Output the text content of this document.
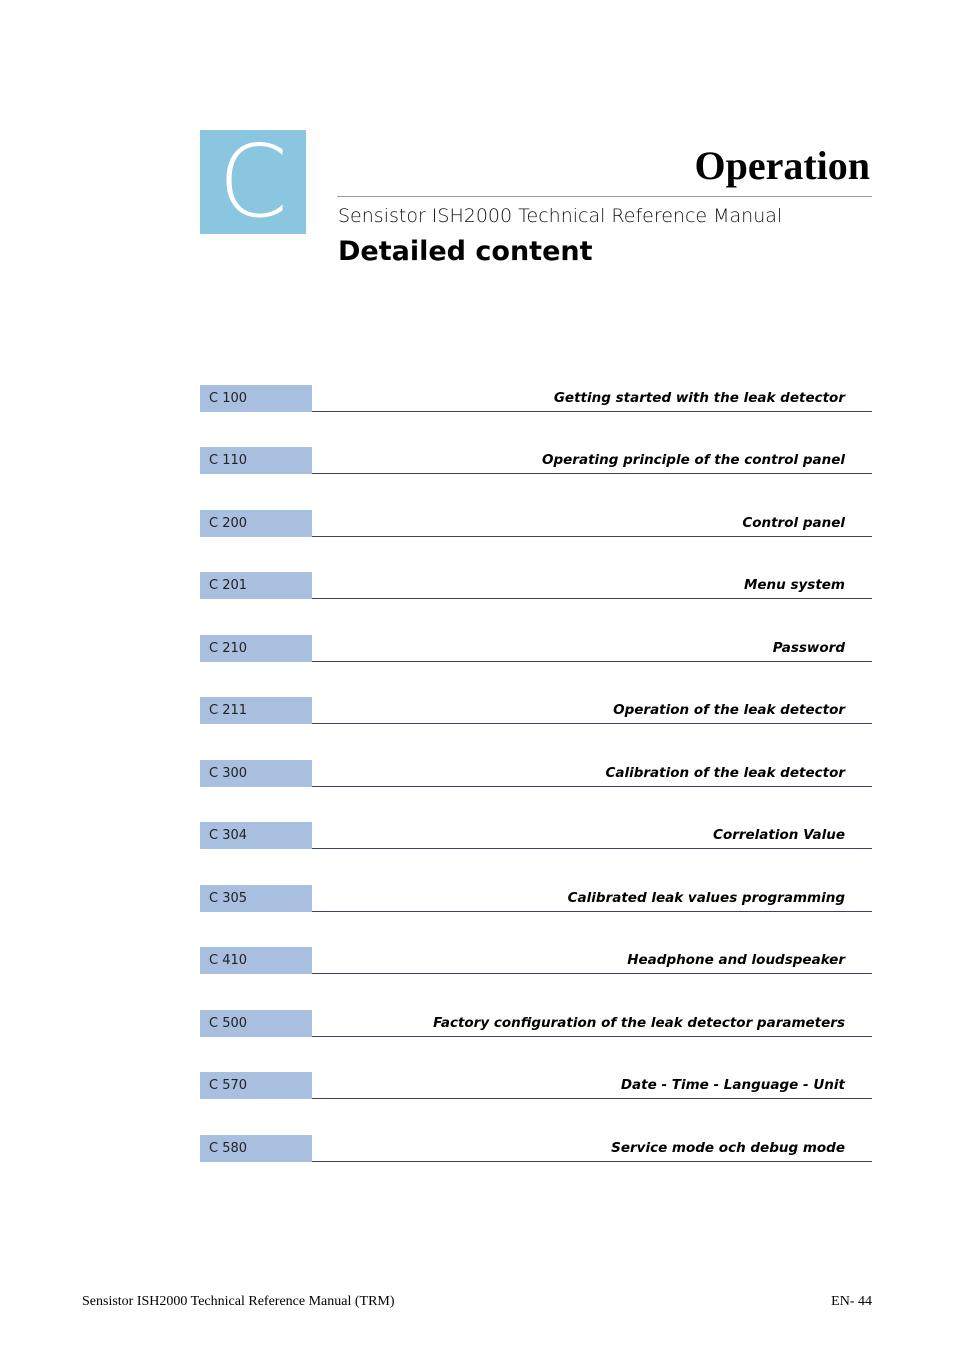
C	Operation
Sensistor ISH2000 Technical Reference Manual
Detailed content
C 100	Getting started with the leak detector
C 110	Operating principle of the control panel
C 200	Control panel
C 201	Menu system
C 210	Password
C 211	Operation of the leak detector
C 300	Calibration of the leak detector
C 304	Correlation Value
C 305	Calibrated leak values programming
C 410	Headphone and loudspeaker
C 500	Factory configuration of the leak detector parameters
C 570	Date - Time - Language - Unit
C 580	Service mode och debug mode
Sensistor ISH2000 Technical Reference Manual (TRM)	EN- 44
